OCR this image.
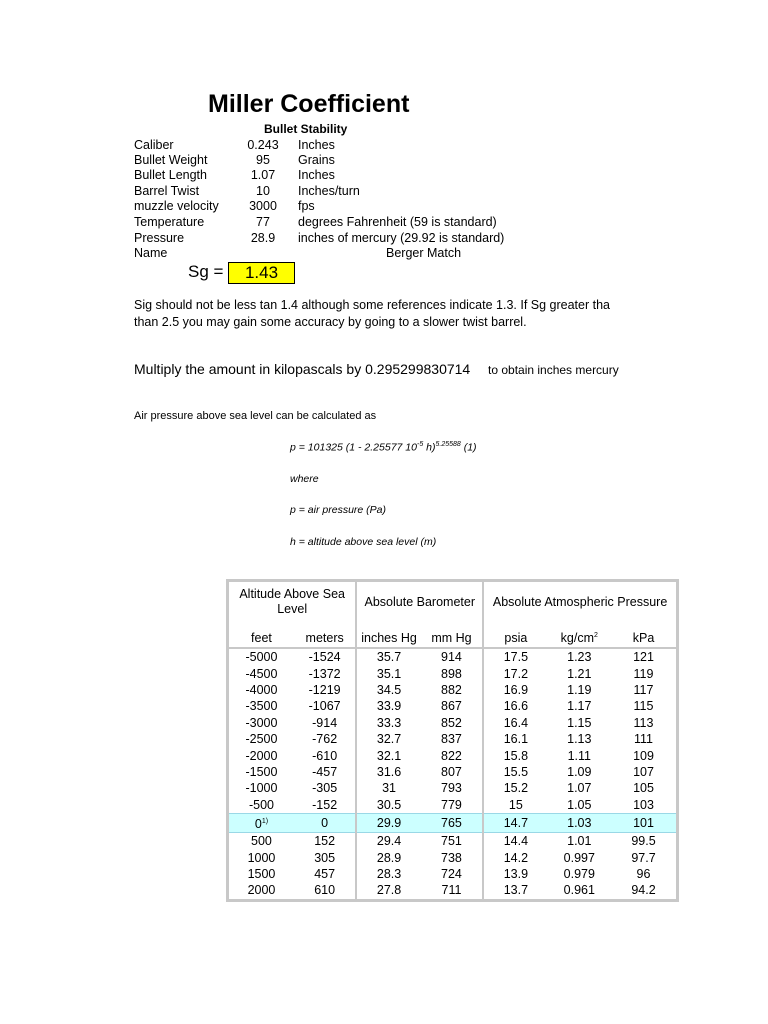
Miller Coefficient
Bullet Stability
Caliber	0.243	Inches
Bullet Weight	95	Grains
Bullet Length	1.07	Inches
Barrel Twist	10	Inches/turn
muzzle velocity	3000	fps
Temperature	77	degrees Fahrenheit (59 is standard)
Pressure	28.9	inches of mercury (29.92 is standard)
Name	Berger Match
Sg =	1.43
Sig should not be less tan 1.4 although some references indicate 1.3. If Sg greater tha
than 2.5 you may gain some accuracy by going to a slower twist barrel.
Multiply the amount in kilopascals by 0.295299830714 to obtain inches mercury
Air pressure above sea level can be calculated as
p = 101325 (1 - 2.25577 $10^{-5}$ h)$^{5.25588}$ (1)
where
p = air pressure (Pa)
h = altitude above sea level (m)
Altitude Above Sea Level		Absolute Barometer		Absolute Atmospheric Pressure		
feet	meters	inches Hg	mm Hg	psia	$kg/cm^2$	kPa
-5000	-1524	35.7	914	17.5	1.23	121
-4500	-1372	35.1	898	17.2	1.21	119
-4000	-1219	34.5	882	16.9	1.19	117
-3500	-1067	33.9	867	16.6	1.17	115
-3000	-914	33.3	852	16.4	1.15	113
-2500	-762	32.7	837	16.1	1.13	111
-2000	-610	32.1	822	15.8	1.11	109
-1500	-457	31.6	807	15.5	1.09	107
-1000	-305	31	793	15.2	1.07	105
-500	-152	30.5	779	15	1.05	103
0$^{1)}$	0	29.9	765	14.7	1.03	101
500	152	29.4	751	14.4	1.01	99.5
1000	305	28.9	738	14.2	0.997	97.7
1500	457	28.3	724	13.9	0.979	96
2000	610	27.8	711	13.7	0.961	94.2
